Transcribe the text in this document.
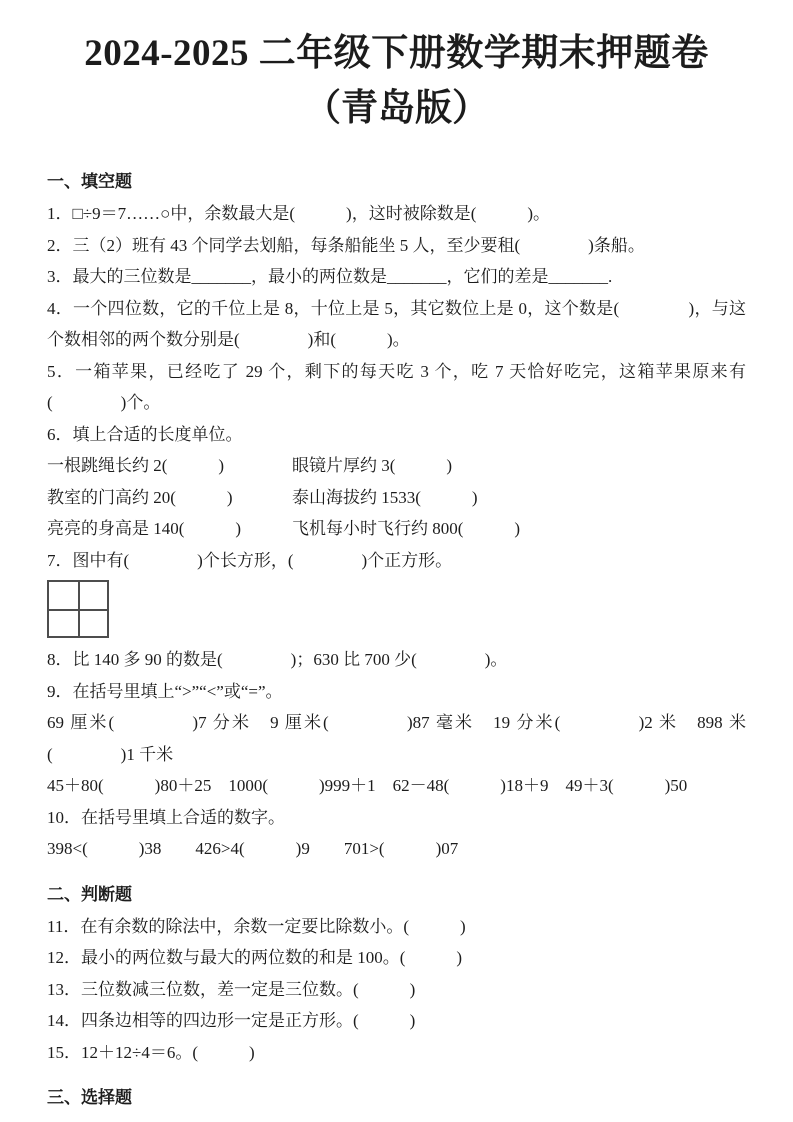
2024-2025 二年级下册数学期末押题卷
（青岛版）
一、填空题

1．□÷9＝7……○中，余数最大是(　　　)，这时被除数是(　　　)。

2．三（2）班有 43 个同学去划船，每条船能坐 5 人，至少要租(　　　　)条船。

3．最大的三位数是_______，最小的两位数是_______，它们的差是_______.

4．一个四位数，它的千位上是 8，十位上是 5，其它数位上是 0，这个数是(　　　　)，与这个数相邻的两个数分别是(　　　　)和(　　　)。

5．一箱苹果，已经吃了 29 个，剩下的每天吃 3 个，吃 7 天恰好吃完，这箱苹果原来有(　　　　)个。

6．填上合适的长度单位。

一根跳绳长约 2(　　　)	眼镜片厚约 3(　　　)
教室的门高约 20(　　　)	泰山海拔约 1533(　　　)
亮亮的身高是 140(　　　)	飞机每小时飞行约 800(　　　)

7．图中有(　　　　)个长方形，(　　　　)个正方形。

8．比 140 多 90 的数是(　　　　)；630 比 700 少(　　　　)。

9．在括号里填上“>”“<”或“=”。

69 厘米(　　　　)7 分米　9 厘米(　　　　)87 毫米　19 分米(　　　　)2 米　898 米(　　　　)1 千米

45＋80(　　　)80＋25　1000(　　　)999＋1　62－48(　　　)18＋9　49＋3(　　　)50

10．在括号里填上合适的数字。

398<(　　　)38　　426>4(　　　)9　　701>(　　　)07

二、判断题

11．在有余数的除法中，余数一定要比除数小。(　　　)

12．最小的两位数与最大的两位数的和是 100。(　　　)

13．三位数减三位数，差一定是三位数。(　　　)

14．四条边相等的四边形一定是正方形。(　　　)

15．12＋12÷4＝6。(　　　)

三、选择题
